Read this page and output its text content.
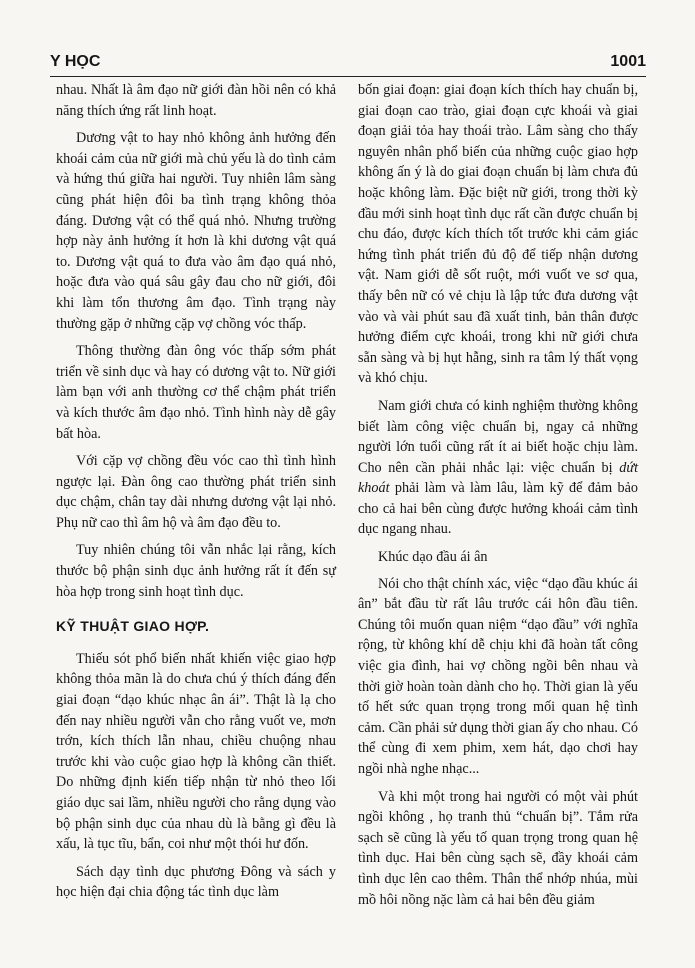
Y HỌC	1001

nhau. Nhất là âm đạo nữ giới đàn hồi nên có khả năng thích ứng rất linh hoạt.

Dương vật to hay nhỏ không ảnh hưởng đến khoái cảm của nữ giới mà chủ yếu là do tình cảm và hứng thú giữa hai người. Tuy nhiên lâm sàng cũng phát hiện đôi ba tình trạng không thỏa đáng. Dương vật có thể quá nhỏ. Nhưng trường hợp này ảnh hưởng ít hơn là khi dương vật quá to. Dương vật quá to đưa vào âm đạo quá nhỏ, hoặc đưa vào quá sâu gây đau cho nữ giới, đôi khi làm tổn thương âm đạo. Tình trạng này thường gặp ở những cặp vợ chồng vóc thấp.

Thông thường đàn ông vóc thấp sớm phát triển về sinh dục và hay có dương vật to. Nữ giới làm bạn với anh thường cơ thể chậm phát triển và kích thước âm đạo nhỏ. Tình hình này dễ gây bất hòa.

Với cặp vợ chồng đều vóc cao thì tình hình ngược lại. Đàn ông cao thường phát triển sinh dục chậm, chân tay dài nhưng dương vật lại nhỏ. Phụ nữ cao thì âm hộ và âm đạo đều to.

Tuy nhiên chúng tôi vẫn nhắc lại rằng, kích thước bộ phận sinh dục ảnh hưởng rất ít đến sự hòa hợp trong sinh hoạt tình dục.

KỸ THUẬT GIAO HỢP.

Thiếu sót phổ biến nhất khiến việc giao hợp không thỏa mãn là do chưa chú ý thích đáng đến giai đoạn “dạo khúc nhạc ân ái”. Thật là lạ cho đến nay nhiều người vẫn cho rằng vuốt ve, mơn trớn, kích thích lẫn nhau, chiều chuộng nhau trước khi vào cuộc giao hợp là không cần thiết. Do những định kiến tiếp nhận từ nhỏ theo lối giáo dục sai lầm, nhiều người cho rằng dụng vào bộ phận sinh dục của nhau dù là bằng gì đều là xấu, là tục tĩu, bẩn, coi như một thói hư đốn.

Sách dạy tình dục phương Đông và sách y học hiện đại chia động tác tình dục làm

bốn giai đoạn: giai đoạn kích thích hay chuẩn bị, giai đoạn cao trào, giai đoạn cực khoái và giai đoạn giải tỏa hay thoái trào. Lâm sàng cho thấy nguyên nhân phổ biến của những cuộc giao hợp không ấn ý là do giai đoạn chuẩn bị làm chưa đủ hoặc không làm. Đặc biệt nữ giới, trong thời kỳ đầu mới sinh hoạt tình dục rất cần được chuẩn bị chu đáo, được kích thích tốt trước khi cảm giác hứng tình phát triển đủ độ để tiếp nhận dương vật. Nam giới dễ sốt ruột, mới vuốt ve sơ qua, thấy bên nữ có vẻ chịu là lập tức đưa dương vật vào và vài phút sau đã xuất tinh, bản thân được hưởng điểm cực khoái, trong khi nữ giới chưa sẵn sàng và bị hụt hẫng, sinh ra tâm lý thất vọng và khó chịu.

Nam giới chưa có kinh nghiệm thường không biết làm công việc chuẩn bị, ngay cả những người lớn tuổi cũng rất ít ai biết hoặc chịu làm. Cho nên cần phải nhắc lại: việc chuẩn bị dứt khoát phải làm và làm lâu, làm kỹ để đảm bảo cho cả hai bên cùng được hưởng khoái cảm tình dục ngang nhau.

Khúc dạo đầu ái ân

Nói cho thật chính xác, việc “dạo đầu khúc ái ân” bắt đầu từ rất lâu trước cái hôn đầu tiên. Chúng tôi muốn quan niệm “dạo đầu” với nghĩa rộng, từ không khí dễ chịu khi đã hoàn tất công việc gia đình, hai vợ chồng ngồi bên nhau và thời giờ hoàn toàn dành cho họ. Thời gian là yếu tố hết sức quan trọng trong mối quan hệ tình cảm. Cần phải sử dụng thời gian ấy cho nhau. Có thể cùng đi xem phim, xem hát, dạo chơi hay ngồi nhà nghe nhạc...

Và khi một trong hai người có một vài phút ngồi không , họ tranh thủ “chuẩn bị”. Tắm rửa sạch sẽ cũng là yếu tố quan trọng trong quan hệ tình dục. Hai bên cùng sạch sẽ, đầy khoái cảm tình dục lên cao thêm. Thân thể nhớp nhúa, mùi mồ hôi nồng nặc làm cả hai bên đều giảm
